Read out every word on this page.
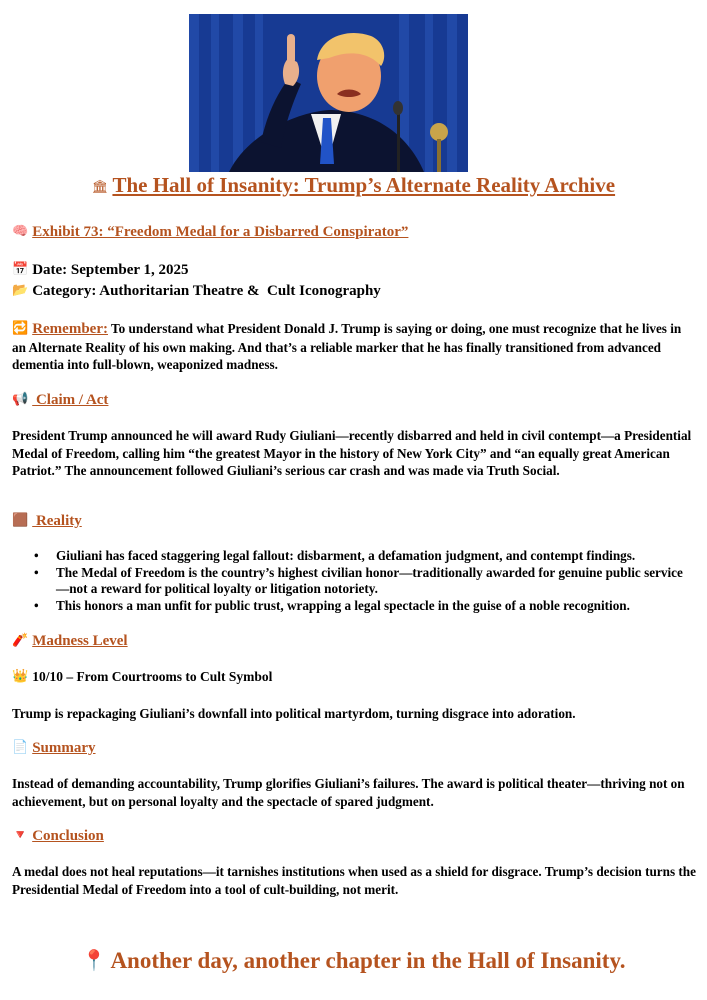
🏛 The Hall of Insanity: Trump’s Alternate Reality Archive
🧠 Exhibit 73: “Freedom Medal for a Disbarred Conspirator”
📅 Date: September 1, 2025
📂 Category: Authoritarian Theatre &  Cult Iconography
🔁 Remember: To understand what President Donald J. Trump is saying or doing, one must recognize that he lives in an Alternate Reality of his own making. And that’s a reliable marker that he has finally transitioned from advanced dementia into full-blown, weaponized madness.
📢 Claim / Act
President Trump announced he will award Rudy Giuliani—recently disbarred and held in civil contempt—a Presidential Medal of Freedom, calling him “the greatest Mayor in the history of New York City” and “an equally great American Patriot.” The announcement followed Giuliani’s serious car crash and was made via Truth Social.
🟫 Reality
• Giuliani has faced staggering legal fallout: disbarment, a defamation judgment, and contempt findings.
• The Medal of Freedom is the country’s highest civilian honor—traditionally awarded for genuine public service—not a reward for political loyalty or litigation notoriety.
• This honors a man unfit for public trust, wrapping a legal spectacle in the guise of a noble recognition.
🧨 Madness Level
👑 10/10 – From Courtrooms to Cult Symbol
Trump is repackaging Giuliani’s downfall into political martyrdom, turning disgrace into adoration.
📄 Summary
Instead of demanding accountability, Trump glorifies Giuliani’s failures. The award is political theater—thriving not on achievement, but on personal loyalty and the spectacle of spared judgment.
🔻 Conclusion
A medal does not heal reputations—it tarnishes institutions when used as a shield for disgrace. Trump’s decision turns the Presidential Medal of Freedom into a tool of cult-building, not merit.
📍 Another day, another chapter in the Hall of Insanity.
